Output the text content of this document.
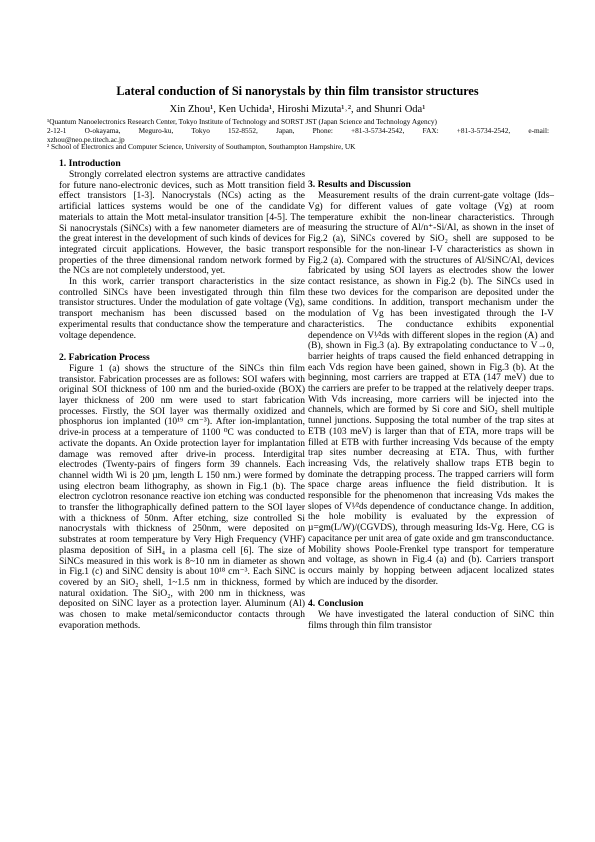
Lateral conduction of Si nanorystals by thin film transistor structures
Xin Zhou¹, Ken Uchida¹, Hiroshi Mizuta¹˒², and Shunri Oda¹
¹Quantum Nanoelectronics Research Center, Tokyo Institute of Technology and SORST JST (Japan Science and Technology Agency)
2-12-1 O-okayama, Meguro-ku, Tokyo 152-8552, Japan, Phone: +81-3-5734-2542, FAX: +81-3-5734-2542, e-mail:
xzhou@neo.pe.titech.ac.jp
² School of Electronics and Computer Science, University of Southampton, Southampton Hampshire, UK
1. Introduction

Strongly correlated electron systems are attractive candidates for future nano-electronic devices, such as Mott transition field effect transistors [1-3]. Nanocrystals (NCs) acting as the artificial lattices systems would be one of the candidate materials to attain the Mott metal-insulator transition [4-5]. The Si nanocrystals (SiNCs) with a few nanometer diameters are of the great interest in the development of such kinds of devices for integrated circuit applications. However, the basic transport properties of the three dimensional random network formed by the NCs are not completely understood, yet.

In this work, carrier transport characteristics in the size controlled SiNCs have been investigated through thin film transistor structures. Under the modulation of gate voltage (Vg), transport mechanism has been discussed based on the experimental results that conductance show the temperature and voltage dependence.

2. Fabrication Process

Figure 1 (a) shows the structure of the SiNCs thin film transistor. Fabrication processes are as follows: SOI wafers with original SOI thickness of 100 nm and the buried-oxide (BOX) layer thickness of 200 nm were used to start fabrication processes. Firstly, the SOI layer was thermally oxidized and phosphorus ion implanted (10¹⁹ cm⁻³). After ion-implantation, drive-in process at a temperature of 1100 ⁰C was conducted to activate the dopants. An Oxide protection layer for implantation damage was removed after drive-in process. Interdigital electrodes (Twenty-pairs of fingers form 39 channels. Each channel width Wi is 20 µm, length L 150 nm.) were formed by using electron beam lithography, as shown in Fig.1 (b). The electron cyclotron resonance reactive ion etching was conducted to transfer the lithographically defined pattern to the SOI layer with a thickness of 50nm. After etching, size controlled Si nanocrystals with thickness of 250nm, were deposited on substrates at room temperature by Very High Frequency (VHF) plasma deposition of SiH₄ in a plasma cell [6]. The size of SiNCs measured in this work is 8~10 nm in diameter as shown in Fig.1 (c) and SiNC density is about 10¹⁸ cm⁻³. Each SiNC is covered by an SiO₂ shell, 1~1.5 nm in thickness, formed by natural oxidation. The SiO₂, with 200 nm in thickness, was deposited on SiNC layer as a protection layer. Aluminum (Al) was chosen to make metal/semiconductor contacts through evaporation methods.

3. Results and Discussion

Measurement results of the drain current-gate voltage (Ids–Vg) for different values of gate voltage (Vg) at room temperature exhibit the non-linear characteristics. Through measuring the structure of Al/n⁺-Si/Al, as shown in the inset of Fig.2 (a), SiNCs covered by SiO₂ shell are supposed to be responsible for the non-linear I-V characteristics as shown in Fig.2 (a). Compared with the structures of Al/SiNC/Al, devices fabricated by using SOI layers as electrodes show the lower contact resistance, as shown in Fig.2 (b). The SiNCs used in these two devices for the comparison are deposited under the same conditions. In addition, transport mechanism under the modulation of Vg has been investigated through the I-V characteristics. The conductance exhibits exponential dependence on V¹⁄²ds with different slopes in the region (A) and (B), shown in Fig.3 (a). By extrapolating conductance to V→0, barrier heights of traps caused the field enhanced detrapping in each Vds region have been gained, shown in Fig.3 (b). At the beginning, most carriers are trapped at ETA (147 meV) due to the carriers are prefer to be trapped at the relatively deeper traps. With Vds increasing, more carriers will be injected into the channels, which are formed by Si core and SiO₂ shell multiple tunnel junctions. Supposing the total number of the trap sites at ETB (103 meV) is larger than that of ETA, more traps will be filled at ETB with further increasing Vds because of the empty trap sites number decreasing at ETA. Thus, with further increasing Vds, the relatively shallow traps ETB begin to dominate the detrapping process. The trapped carriers will form space charge areas influence the field distribution. It is responsible for the phenomenon that increasing Vds makes the slopes of V¹⁄²ds dependence of conductance change. In addition, the hole mobility is evaluated by the expression of µ=gm(L/W)/(CGVDS), through measuring Ids-Vg. Here, CG is capacitance per unit area of gate oxide and gm transconductance. Mobility shows Poole-Frenkel type transport for temperature and voltage, as shown in Fig.4 (a) and (b). Carriers transport occurs mainly by hopping between adjacent localized states which are induced by the disorder.

4. Conclusion

We have investigated the lateral conduction of SiNC thin films through thin film transistor
